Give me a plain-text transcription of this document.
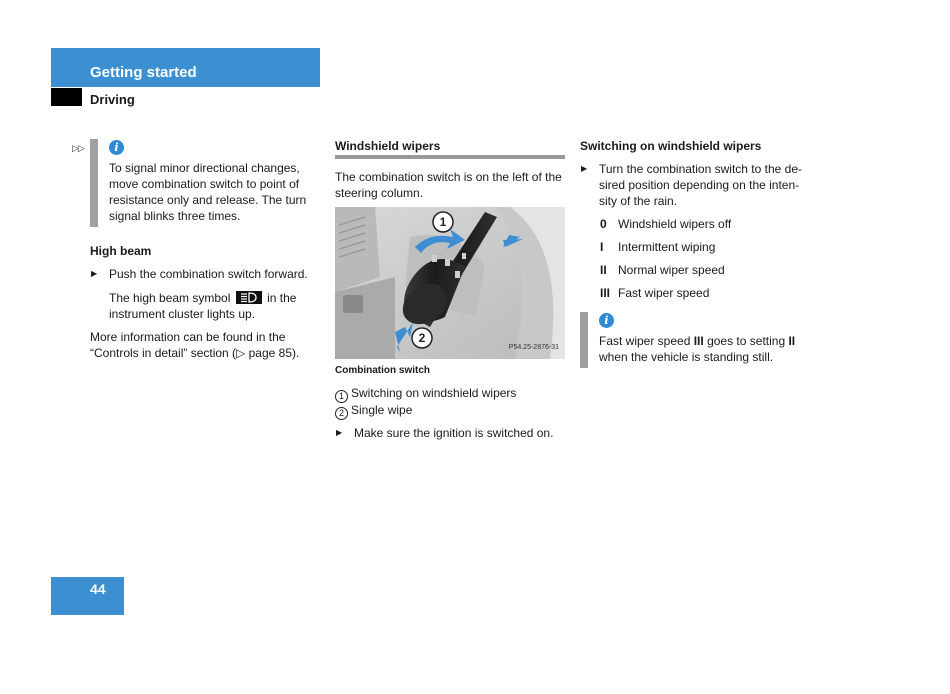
Getting started
Driving
▷▷	i
To signal minor directional changes,
move combination switch to point of
resistance only and release. The turn
signal blinks three times.
High beam
▶ Push the combination switch forward.
The high beam symbol	in the
instrument cluster lights up.
More information can be found in the
“Controls in detail” section (▷ page 85).
Windshield wipers
The combination switch is on the left of the
steering column.
1
2
P54.25-2876-31
Combination switch
1 Switching on windshield wipers
2 Single wipe
▶ Make sure the ignition is switched on.
Switching on windshield wipers
▶ Turn the combination switch to the de-
sired position depending on the inten-
sity of the rain.
0 Windshield wipers off
I Intermittent wiping
II Normal wiper speed
III Fast wiper speed
i
Fast wiper speed III goes to setting II
when the vehicle is standing still.
44
